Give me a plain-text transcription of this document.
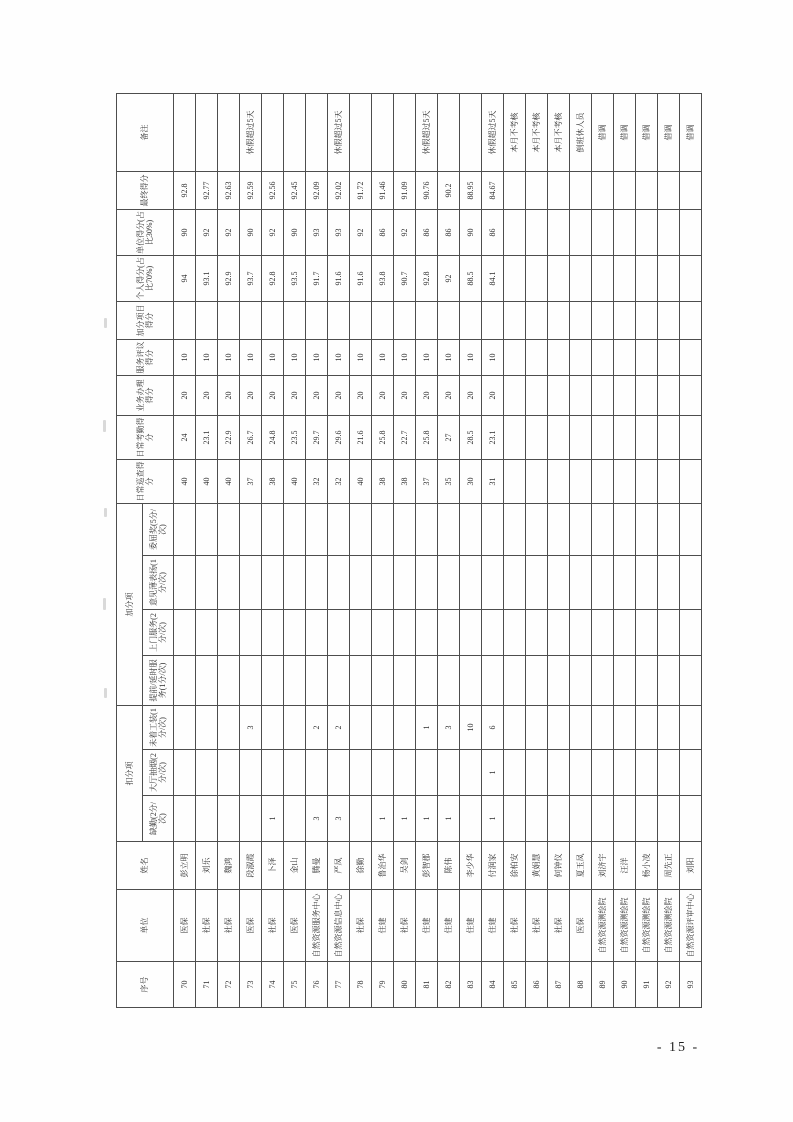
序号	单位	姓名	扣分项			加分项				日常巡查得分	日常考勤得分	业务办理得分	服务评议得分	加分项目得分	个人得分(占比70%)	单位得分(占比30%)	最终得分	备注
			缺勤(2分/次)	大厅抽烟(2分/次)	未着工装(1分/次)	提前/延时服务(1分/次)	上门服务(2分/次)	意见薄表扬(1分/次)	委屈奖(5分/次)									
70	医保	彭立明								40	24	20	10		94	90	92.8	
71	社保	刘乐								40	23.1	20	10		93.1	92	92.77	
72	社保	魏鸿								40	22.9	20	10		92.9	92	92.63	
73	医保	段淑霞			3					37	26.7	20	10		93.7	90	92.59	休假超过5天
74	社保	卜泽	1							38	24.8	20	10		92.8	92	92.56	
75	医保	金山								40	23.5	20	10		93.5	90	92.45	
76	自然资源服务中心	腾曼	3		2					32	29.7	20	10		91.7	93	92.09	
77	自然资源信息中心	严凤	3		2					32	29.6	20	10		91.6	93	92.02	休假超过5天
78	社保	徐勤								40	21.6	20	10		91.6	92	91.72	
79	住建	鲁治华	1							38	25.8	20	10		93.8	86	91.46	
80	社保	吴剑	1							38	22.7	20	10		90.7	92	91.09	
81	住建	彭智郡	1		1					37	25.8	20	10		92.8	86	90.76	休假超过5天
82	住建	陈伟	1		3					35	27	20	10		92	86	90.2	
83	住建	李少华			10					30	28.5	20	10		88.5	90	88.95	
84	住建	付润家	1	1	6					31	23.1	20	10		84.1	86	84.67	休假超过5天
85	社保	徐柏安																本月不考核
86	社保	黄娟慧																本月不考核
87	社保	何钟仪																本月不考核
88	医保	夏玉凤																倒班休人员
89	自然资源测绘院	刘济宇																借调
90	自然资源测绘院	汪洋																借调
91	自然资源测绘院	杨小凌																借调
92	自然资源测绘院	周先正																借调
93	自然资源评审中心	刘阳																借调
- 15 -
